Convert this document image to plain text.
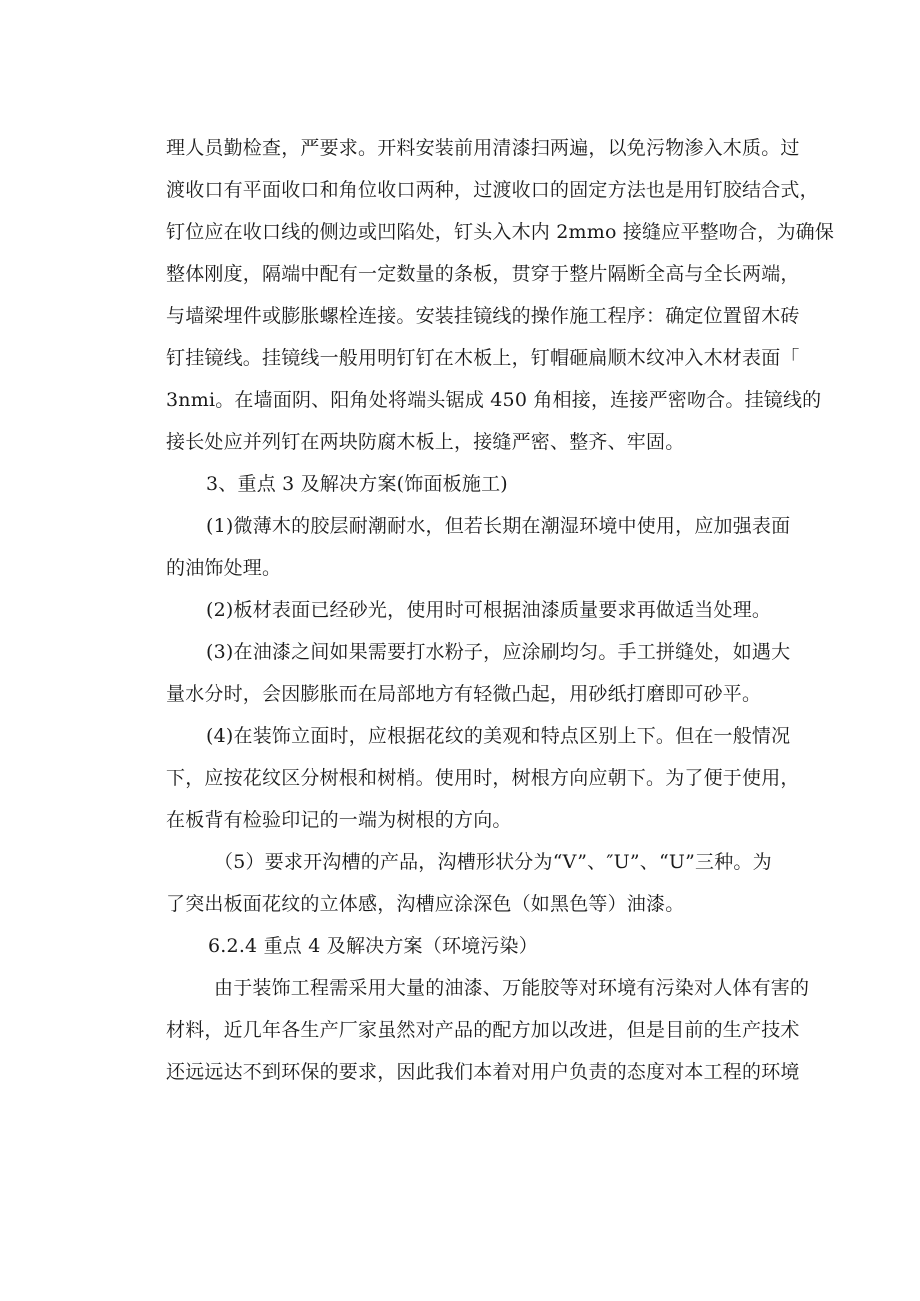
理人员勤检查，严要求。开料安装前用清漆扫两遍，以免污物渗入木质。过
渡收口有平面收口和角位收口两种，过渡收口的固定方法也是用钉胶结合式，
钉位应在收口线的侧边或凹陷处，钉头入木内 2mmo 接缝应平整吻合，为确保
整体刚度，隔端中配有一定数量的条板，贯穿于整片隔断全高与全长两端，
与墙梁埋件或膨胀螺栓连接。安装挂镜线的操作施工程序：确定位置留木砖
钉挂镜线。挂镜线一般用明钉钉在木板上，钉帽砸扁顺木纹冲入木材表面「
3nmi。在墙面阴、阳角处将端头锯成 450 角相接，连接严密吻合。挂镜线的
接长处应并列钉在两块防腐木板上，接缝严密、整齐、牢固。
3、重点 3 及解决方案(饰面板施工)
(1)微薄木的胶层耐潮耐水，但若长期在潮湿环境中使用，应加强表面
的油饰处理。
(2)板材表面已经砂光，使用时可根据油漆质量要求再做适当处理。
(3)在油漆之间如果需要打水粉子，应涂刷均匀。手工拼缝处，如遇大
量水分时，会因膨胀而在局部地方有轻微凸起，用砂纸打磨即可砂平。
(4)在装饰立面时，应根据花纹的美观和特点区别上下。但在一般情况
下，应按花纹区分树根和树梢。使用时，树根方向应朝下。为了便于使用，
在板背有检验印记的一端为树根的方向。
（5）要求开沟槽的产品，沟槽形状分为“V”、″U”、“U”三种。为
了突出板面花纹的立体感，沟槽应涂深色（如黑色等）油漆。
6.2.4 重点 4 及解决方案（环境污染）
由于装饰工程需采用大量的油漆、万能胶等对环境有污染对人体有害的
材料，近几年各生产厂家虽然对产品的配方加以改进，但是目前的生产技术
还远远达不到环保的要求，因此我们本着对用户负责的态度对本工程的环境
